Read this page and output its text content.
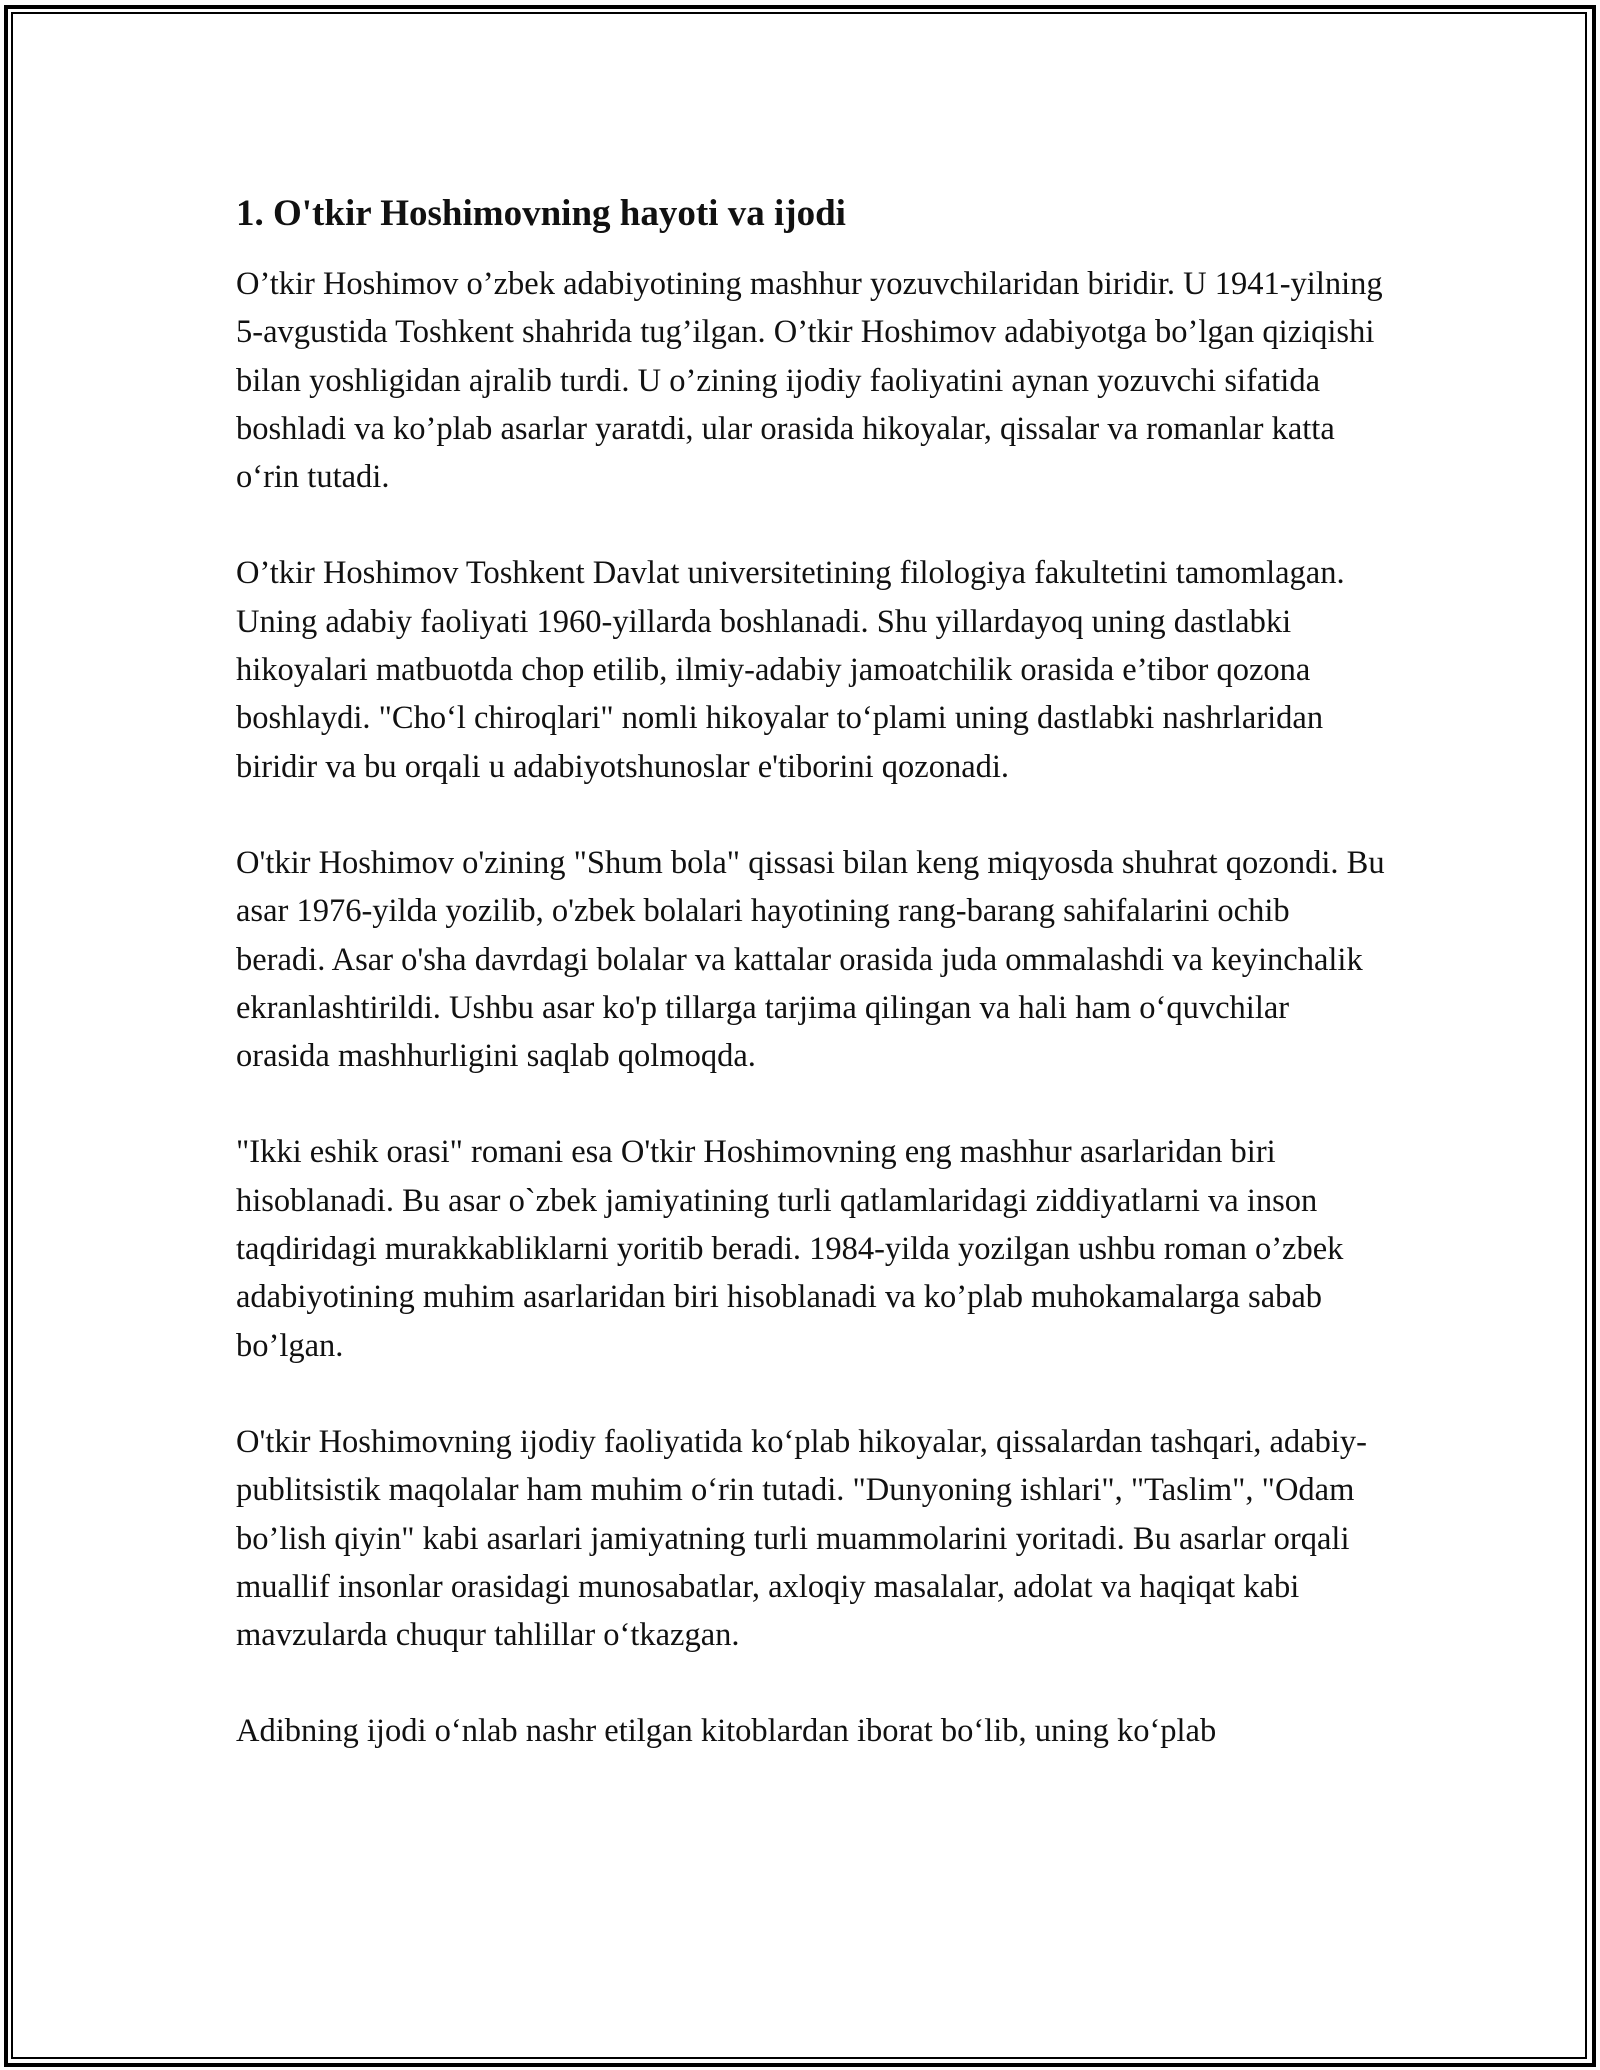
1. O'tkir Hoshimovning hayoti va ijodi

O’tkir Hoshimov o’zbek adabiyotining mashhur yozuvchilaridan biridir. U 1941-yilning 5-avgustida Toshkent shahrida tug’ilgan. O’tkir Hoshimov adabiyotga bo’lgan qiziqishi bilan yoshligidan ajralib turdi. U o’zining ijodiy faoliyatini aynan yozuvchi sifatida boshladi va ko’plab asarlar yaratdi, ular orasida hikoyalar, qissalar va romanlar katta o‘rin tutadi.

O’tkir Hoshimov Toshkent Davlat universitetining filologiya fakultetini tamomlagan. Uning adabiy faoliyati 1960-yillarda boshlanadi. Shu yillardayoq uning dastlabki hikoyalari matbuotda chop etilib, ilmiy-adabiy jamoatchilik orasida e’tibor qozona boshlaydi. "Cho‘l chiroqlari" nomli hikoyalar to‘plami uning dastlabki nashrlaridan biridir va bu orqali u adabiyotshunoslar e'tiborini qozonadi.

O'tkir Hoshimov o'zining "Shum bola" qissasi bilan keng miqyosda shuhrat qozondi. Bu asar 1976-yilda yozilib, o'zbek bolalari hayotining rang-barang sahifalarini ochib beradi. Asar o'sha davrdagi bolalar va kattalar orasida juda ommalashdi va keyinchalik ekranlashtirildi. Ushbu asar ko'p tillarga tarjima qilingan va hali ham o‘quvchilar orasida mashhurligini saqlab qolmoqda.

"Ikki eshik orasi" romani esa O'tkir Hoshimovning eng mashhur asarlaridan biri hisoblanadi. Bu asar o`zbek jamiyatining turli qatlamlaridagi ziddiyatlarni va inson taqdiridagi murakkabliklarni yoritib beradi. 1984-yilda yozilgan ushbu roman o’zbek adabiyotining muhim asarlaridan biri hisoblanadi va ko’plab muhokamalarga sabab bo’lgan.

O'tkir Hoshimovning ijodiy faoliyatida ko‘plab hikoyalar, qissalardan tashqari, adabiy-publitsistik maqolalar ham muhim o‘rin tutadi. "Dunyoning ishlari", "Taslim", "Odam bo’lish qiyin" kabi asarlari jamiyatning turli muammolarini yoritadi. Bu asarlar orqali muallif insonlar orasidagi munosabatlar, axloqiy masalalar, adolat va haqiqat kabi mavzularda chuqur tahlillar o‘tkazgan.

Adibning ijodi o‘nlab nashr etilgan kitoblardan iborat bo‘lib, uning ko‘plab
